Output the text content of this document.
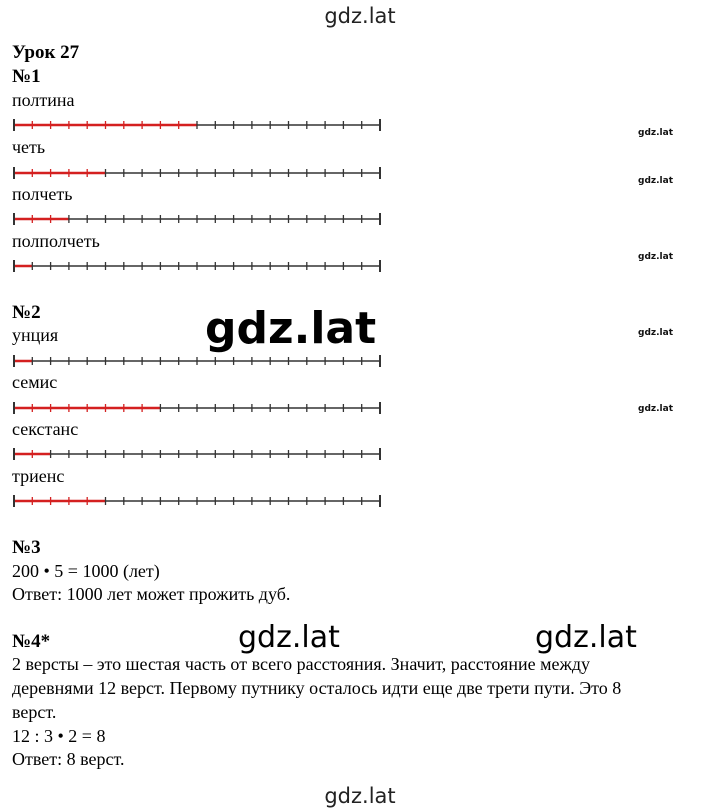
gdz.lat
gdz.lat
gdz.lat	gdz.lat
gdz.lat
gdz.lat
gdz.lat
gdz.lat
gdz.lat
gdz.lat
Урок 27
№1
полтина
четь
полчеть
полполчеть
№2
унция
семис
секстанс
триенс
№3
200 • 5 = 1000 (лет)
Ответ: 1000 лет может прожить дуб.
№4*
2 версты – это шестая часть от всего расстояния. Значит, расстояние между
деревнями 12 верст. Первому путнику осталось идти еще две трети пути. Это 8
верст.
12 : 3 • 2 = 8
Ответ: 8 верст.
